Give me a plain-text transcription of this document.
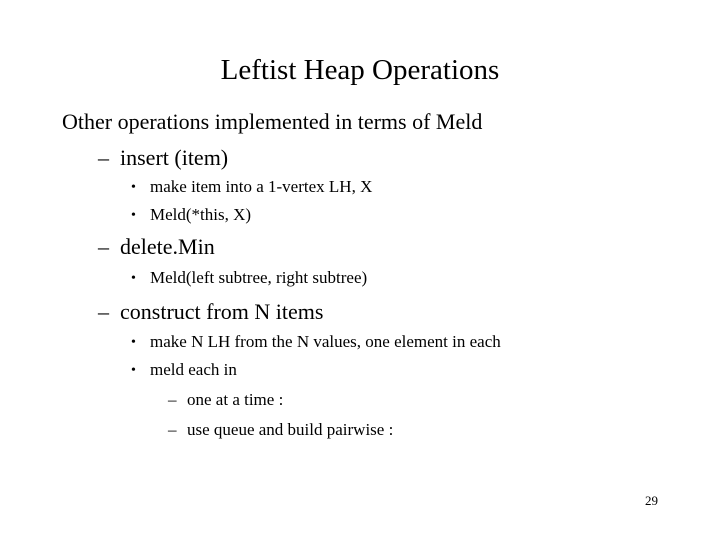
Leftist Heap Operations
Other operations implemented in terms of Meld
– insert (item)
• make item into a 1-vertex LH, X
• Meld(*this, X)
– delete.Min
• Meld(left subtree, right subtree)
– construct from N items
• make N LH from the N values, one element in each
• meld each in
– one at a time :
– use queue and build pairwise :
29
